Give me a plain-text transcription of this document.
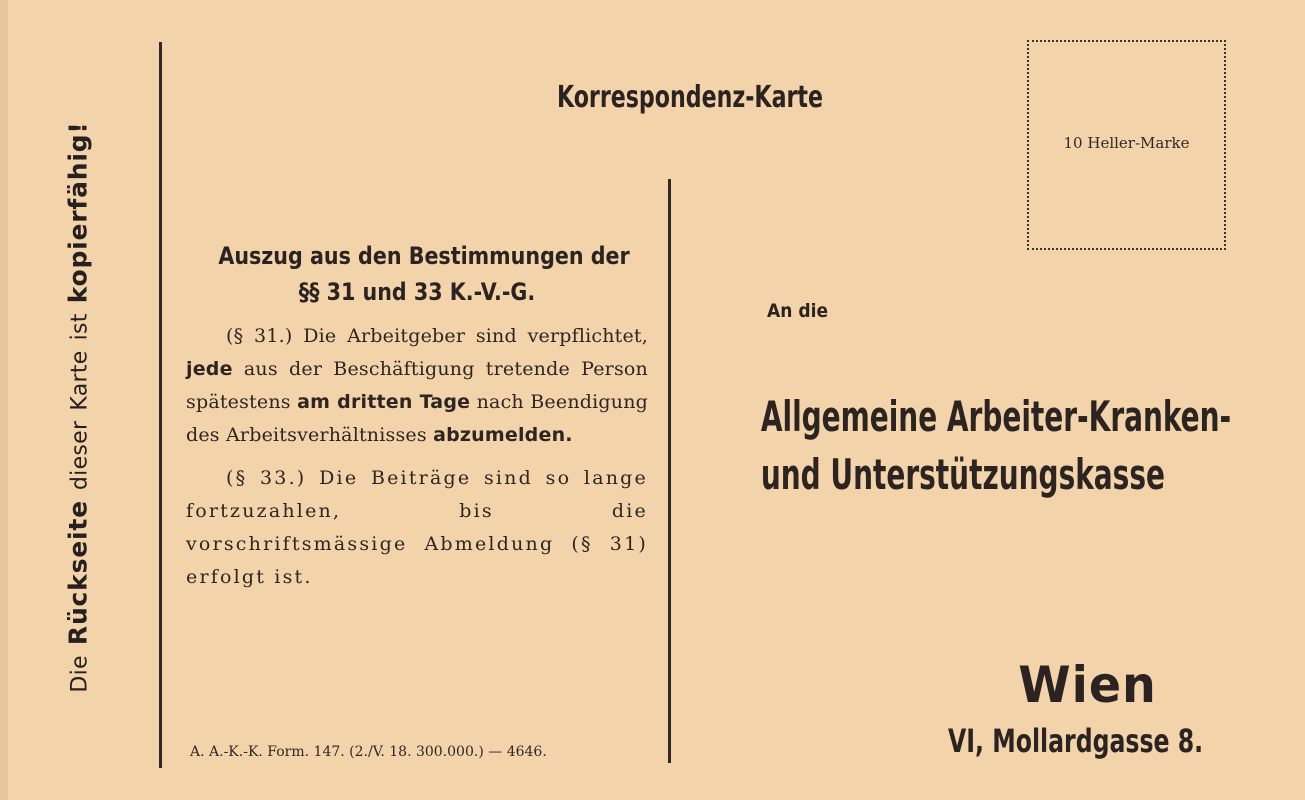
DieRückseitedieserKarteistkopierfähig!
Korrespondenz-Karte
10 Heller-Marke
Auszug aus den Bestimmungen der
§§ 31 und 33 K.-V.-G.
(§ 31.) Die Arbeitgeber sind verpflichtet, jede aus der Beschäftigung tretende Person spätestens am dritten Tage nach Beendigung des Arbeitsverhältnisses abzumelden.
(§ 33.) Die Beiträge sind so lange fortzuzahlen, bis die vorschriftsmässige Abmeldung (§ 31) erfolgt ist.
A. A.-K.-K. Form. 147. (2./V. 18. 300.000.) — 4646.
An die
Allgemeine Arbeiter-Kranken-
und Unterstützungskasse
Wien
VI, Mollardgasse 8.
